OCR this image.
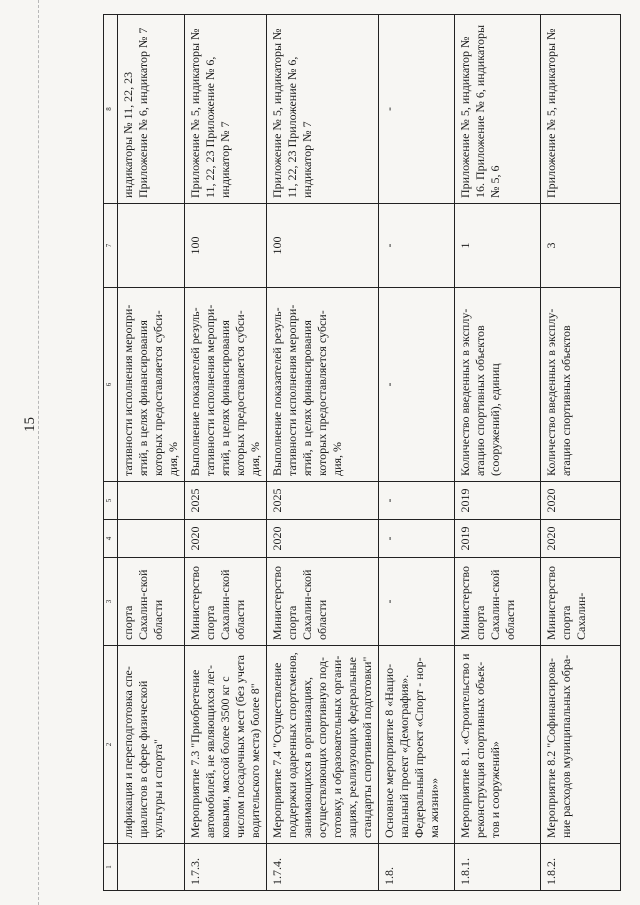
15
1	2	3	4	5	6	7	8
	лификация и переподготовка спе-циалистов в сфере физической культуры и спорта"	спорта Сахалин-ской области			тативности исполнения меропри-ятий, в целях финансирования которых предоставляется субси-дия, %		индикаторы № 11, 22, 23 Приложение № 6, индикатор № 7
1.7.3.	Мероприятие 7.3 "Приобретение автомобилей, не являющихся лег-ковыми, массой более 3500 кг с числом посадочных мест (без учета водительского места) более 8"	Министерство спорта Сахалин-ской области	2020	2025	Выполнение показателей резуль-тативности исполнения меропри-ятий, в целях финансирования которых предоставляется субси-дия, %	100	Приложение № 5, индикаторы № 11, 22, 23 Приложение № 6, индикатор № 7
1.7.4.	Мероприятие 7.4 "Осуществление поддержки одаренных спортсменов, занимающихся в организациях, осуществляющих спортивную под-готовку, и образовательных органи-зациях, реализующих федеральные стандарты спортивной подготовки"	Министерство спорта Сахалин-ской области	2020	2025	Выполнение показателей резуль-тативности исполнения меропри-ятий, в целях финансирования которых предоставляется субси-дия, %	100	Приложение № 5, индикаторы № 11, 22, 23 Приложение № 6, индикатор № 7
1.8.	Основное мероприятие 8 «Нацио-нальный проект «Демография». Федеральный проект «Спорт - нор-ма жизни»»	-	-	-	-	-	-
1.8.1.	Мероприятие 8.1. «Строительство и реконструкция спортивных объек-тов и сооружений»	Министерство спорта Сахалин-ской области	2019	2019	Количество введенных в эксплу-атацию спортивных объектов (сооружений), единиц	1	Приложение № 5, индикатор № 16. Приложение № 6, индикаторы № 5, 6
1.8.2.	Мероприятие 8.2 "Софинансирова-ние расходов муниципальных обра-	Министерство спорта Сахалин-	2020	2020	Количество введенных в эксплу-атацию спортивных объектов	3	Приложение № 5, индикаторы №
